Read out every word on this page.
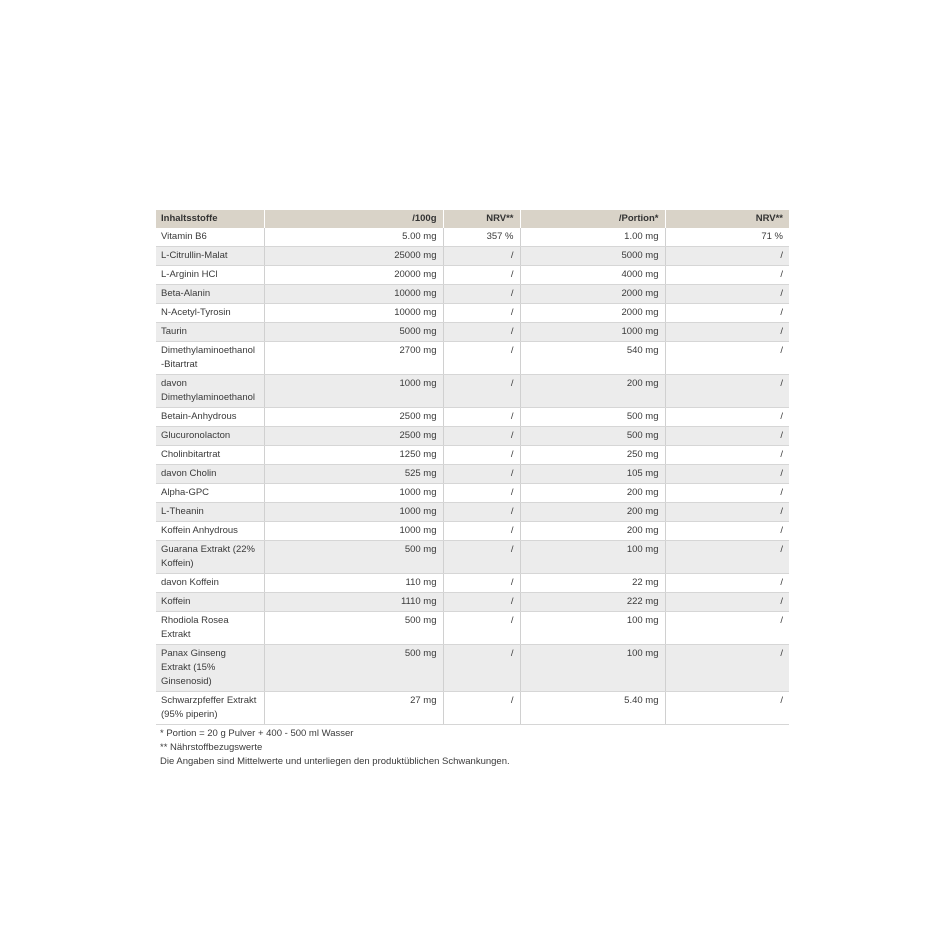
Inhaltsstoffe	/100g	NRV**	/Portion*	NRV**
Vitamin B6	5.00 mg	357 %	1.00 mg	71 %
L-Citrullin-Malat	25000 mg	/	5000 mg	/
L-Arginin HCl	20000 mg	/	4000 mg	/
Beta-Alanin	10000 mg	/	2000 mg	/
N-Acetyl-Tyrosin	10000 mg	/	2000 mg	/
Taurin	5000 mg	/	1000 mg	/
Dimethylaminoethanol-Bitartrat	2700 mg	/	540 mg	/
davon Dimethylaminoethanol	1000 mg	/	200 mg	/
Betain-Anhydrous	2500 mg	/	500 mg	/
Glucuronolacton	2500 mg	/	500 mg	/
Cholinbitartrat	1250 mg	/	250 mg	/
davon Cholin	525 mg	/	105 mg	/
Alpha-GPC	1000 mg	/	200 mg	/
L-Theanin	1000 mg	/	200 mg	/
Koffein Anhydrous	1000 mg	/	200 mg	/
Guarana Extrakt (22% Koffein)	500 mg	/	100 mg	/
davon Koffein	110 mg	/	22 mg	/
Koffein	1110 mg	/	222 mg	/
Rhodiola Rosea Extrakt	500 mg	/	100 mg	/
Panax Ginseng Extrakt (15% Ginsenosid)	500 mg	/	100 mg	/
Schwarzpfeffer Extrakt (95% piperin)	27 mg	/	5.40 mg	/
* Portion = 20 g Pulver + 400 - 500 ml Wasser
** Nährstoffbezugswerte
Die Angaben sind Mittelwerte und unterliegen den produktüblichen Schwankungen.
